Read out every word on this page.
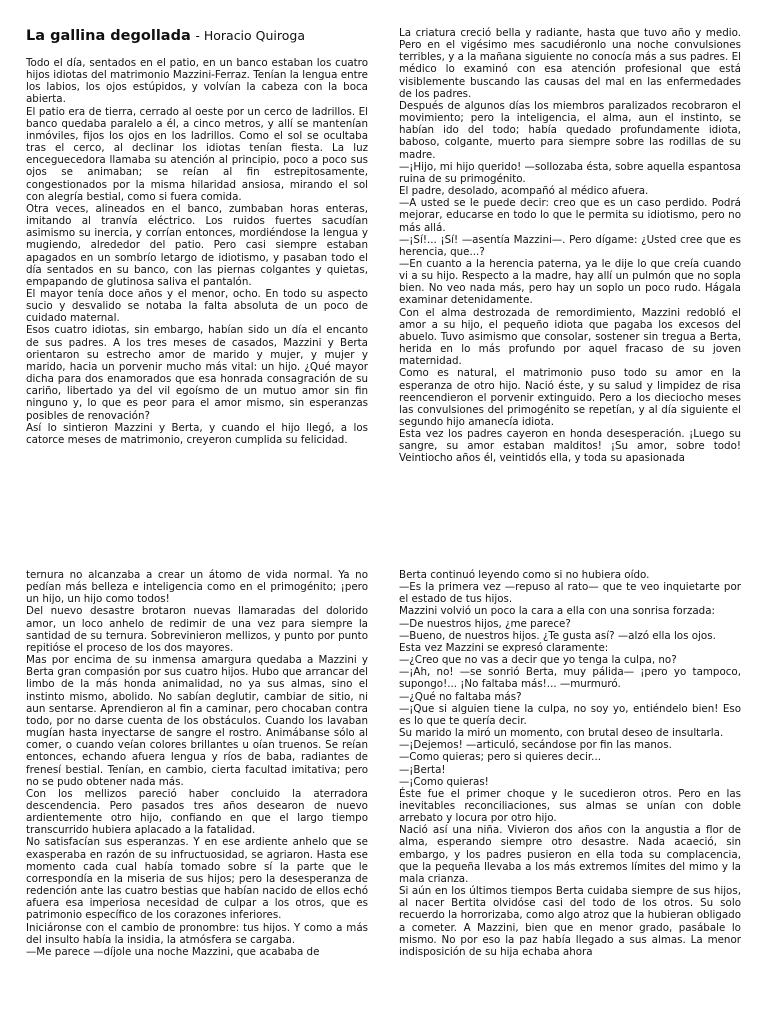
La gallina degollada - Horacio Quiroga

Todo el día, sentados en el patio, en un banco estaban los cuatro hijos idiotas del matrimonio Mazzini-Ferraz. Tenían la lengua entre los labios, los ojos estúpidos, y volvían la cabeza con la boca abierta.

El patio era de tierra, cerrado al oeste por un cerco de ladrillos. El banco quedaba paralelo a él, a cinco metros, y allí se mantenían inmóviles, fijos los ojos en los ladrillos. Como el sol se ocultaba tras el cerco, al declinar los idiotas tenían fiesta. La luz enceguecedora llamaba su atención al principio, poco a poco sus ojos se animaban; se reían al fin estrepitosamente, congestionados por la misma hilaridad ansiosa, mirando el sol con alegría bestial, como si fuera comida.

Otra veces, alineados en el banco, zumbaban horas enteras, imitando al tranvía eléctrico. Los ruidos fuertes sacudían asimismo su inercia, y corrían entonces, mordiéndose la lengua y mugiendo, alrededor del patio. Pero casi siempre estaban apagados en un sombrío letargo de idiotismo, y pasaban todo el día sentados en su banco, con las piernas colgantes y quietas, empapando de glutinosa saliva el pantalón.

El mayor tenía doce años y el menor, ocho. En todo su aspecto sucio y desvalido se notaba la falta absoluta de un poco de cuidado maternal.

Esos cuatro idiotas, sin embargo, habían sido un día el encanto de sus padres. A los tres meses de casados, Mazzini y Berta orientaron su estrecho amor de marido y mujer, y mujer y marido, hacia un porvenir mucho más vital: un hijo. ¿Qué mayor dicha para dos enamorados que esa honrada consagración de su cariño, libertado ya del vil egoísmo de un mutuo amor sin fin ninguno y, lo que es peor para el amor mismo, sin esperanzas posibles de renovación?

Así lo sintieron Mazzini y Berta, y cuando el hijo llegó, a los catorce meses de matrimonio, creyeron cumplida su felicidad.

La criatura creció bella y radiante, hasta que tuvo año y medio. Pero en el vigésimo mes sacudiéronlo una noche convulsiones terribles, y a la mañana siguiente no conocía más a sus padres. El médico lo examinó con esa atención profesional que está visiblemente buscando las causas del mal en las enfermedades de los padres.

Después de algunos días los miembros paralizados recobraron el movimiento; pero la inteligencia, el alma, aun el instinto, se habían ido del todo; había quedado profundamente idiota, baboso, colgante, muerto para siempre sobre las rodillas de su madre.

—¡Hijo, mi hijo querido! —sollozaba ésta, sobre aquella espantosa ruina de su primogénito.

El padre, desolado, acompañó al médico afuera.

—A usted se le puede decir: creo que es un caso perdido. Podrá mejorar, educarse en todo lo que le permita su idiotismo, pero no más allá.

—¡Sí!... ¡Sí! —asentía Mazzini—. Pero dígame: ¿Usted cree que es herencia, que...?

—En cuanto a la herencia paterna, ya le dije lo que creía cuando vi a su hijo. Respecto a la madre, hay allí un pulmón que no sopla bien. No veo nada más, pero hay un soplo un poco rudo. Hágala examinar detenidamente.

Con el alma destrozada de remordimiento, Mazzini redobló el amor a su hijo, el pequeño idiota que pagaba los excesos del abuelo. Tuvo asimismo que consolar, sostener sin tregua a Berta, herida en lo más profundo por aquel fracaso de su joven maternidad.

Como es natural, el matrimonio puso todo su amor en la esperanza de otro hijo. Nació éste, y su salud y limpidez de risa reencendieron el porvenir extinguido. Pero a los dieciocho meses las convulsiones del primogénito se repetían, y al día siguiente el segundo hijo amanecía idiota.

Esta vez los padres cayeron en honda desesperación. ¡Luego su sangre, su amor estaban malditos! ¡Su amor, sobre todo! Veintiocho años él, veintidós ella, y toda su apasionada

ternura no alcanzaba a crear un átomo de vida normal. Ya no pedían más belleza e inteligencia como en el primogénito; ¡pero un hijo, un hijo como todos!

Del nuevo desastre brotaron nuevas llamaradas del dolorido amor, un loco anhelo de redimir de una vez para siempre la santidad de su ternura. Sobrevinieron mellizos, y punto por punto repitióse el proceso de los dos mayores.

Mas por encima de su inmensa amargura quedaba a Mazzini y Berta gran compasión por sus cuatro hijos. Hubo que arrancar del limbo de la más honda animalidad, no ya sus almas, sino el instinto mismo, abolido. No sabían deglutir, cambiar de sitio, ni aun sentarse. Aprendieron al fin a caminar, pero chocaban contra todo, por no darse cuenta de los obstáculos. Cuando los lavaban mugían hasta inyectarse de sangre el rostro. Animábanse sólo al comer, o cuando veían colores brillantes u oían truenos. Se reían entonces, echando afuera lengua y ríos de baba, radiantes de frenesí bestial. Tenían, en cambio, cierta facultad imitativa; pero no se pudo obtener nada más.

Con los mellizos pareció haber concluido la aterradora descendencia. Pero pasados tres años desearon de nuevo ardientemente otro hijo, confiando en que el largo tiempo transcurrido hubiera aplacado a la fatalidad.

No satisfacían sus esperanzas. Y en ese ardiente anhelo que se exasperaba en razón de su infructuosidad, se agriaron. Hasta ese momento cada cual había tomado sobre sí la parte que le correspondía en la miseria de sus hijos; pero la desesperanza de redención ante las cuatro bestias que habían nacido de ellos echó afuera esa imperiosa necesidad de culpar a los otros, que es patrimonio específico de los corazones inferiores.

Iniciáronse con el cambio de pronombre: tus hijos. Y como a más del insulto había la insidia, la atmósfera se cargaba.

—Me parece —díjole una noche Mazzini, que acababa de

Berta continuó leyendo como si no hubiera oído.

—Es la primera vez —repuso al rato— que te veo inquietarte por el estado de tus hijos.

Mazzini volvió un poco la cara a ella con una sonrisa forzada:

—De nuestros hijos, ¿me parece?

—Bueno, de nuestros hijos. ¿Te gusta así? —alzó ella los ojos.

Esta vez Mazzini se expresó claramente:

—¿Creo que no vas a decir que yo tenga la culpa, no?

—¡Ah, no! —se sonrió Berta, muy pálida— ¡pero yo tampoco, supongo!... ¡No faltaba más!... —murmuró.

—¿Qué no faltaba más?

—¡Que si alguien tiene la culpa, no soy yo, entiéndelo bien! Eso es lo que te quería decir.

Su marido la miró un momento, con brutal deseo de insultarla.

—¡Dejemos! —articuló, secándose por fin las manos.

—Como quieras; pero si quieres decir...

—¡Berta!

—¡Como quieras!

Éste fue el primer choque y le sucedieron otros. Pero en las inevitables reconciliaciones, sus almas se unían con doble arrebato y locura por otro hijo.

Nació así una niña. Vivieron dos años con la angustia a flor de alma, esperando siempre otro desastre. Nada acaeció, sin embargo, y los padres pusieron en ella toda su complacencia, que la pequeña llevaba a los más extremos límites del mimo y la mala crianza.

Si aún en los últimos tiempos Berta cuidaba siempre de sus hijos, al nacer Bertita olvidóse casi del todo de los otros. Su solo recuerdo la horrorizaba, como algo atroz que la hubieran obligado a cometer. A Mazzini, bien que en menor grado, pasábale lo mismo. No por eso la paz había llegado a sus almas. La menor indisposición de su hija echaba ahora
